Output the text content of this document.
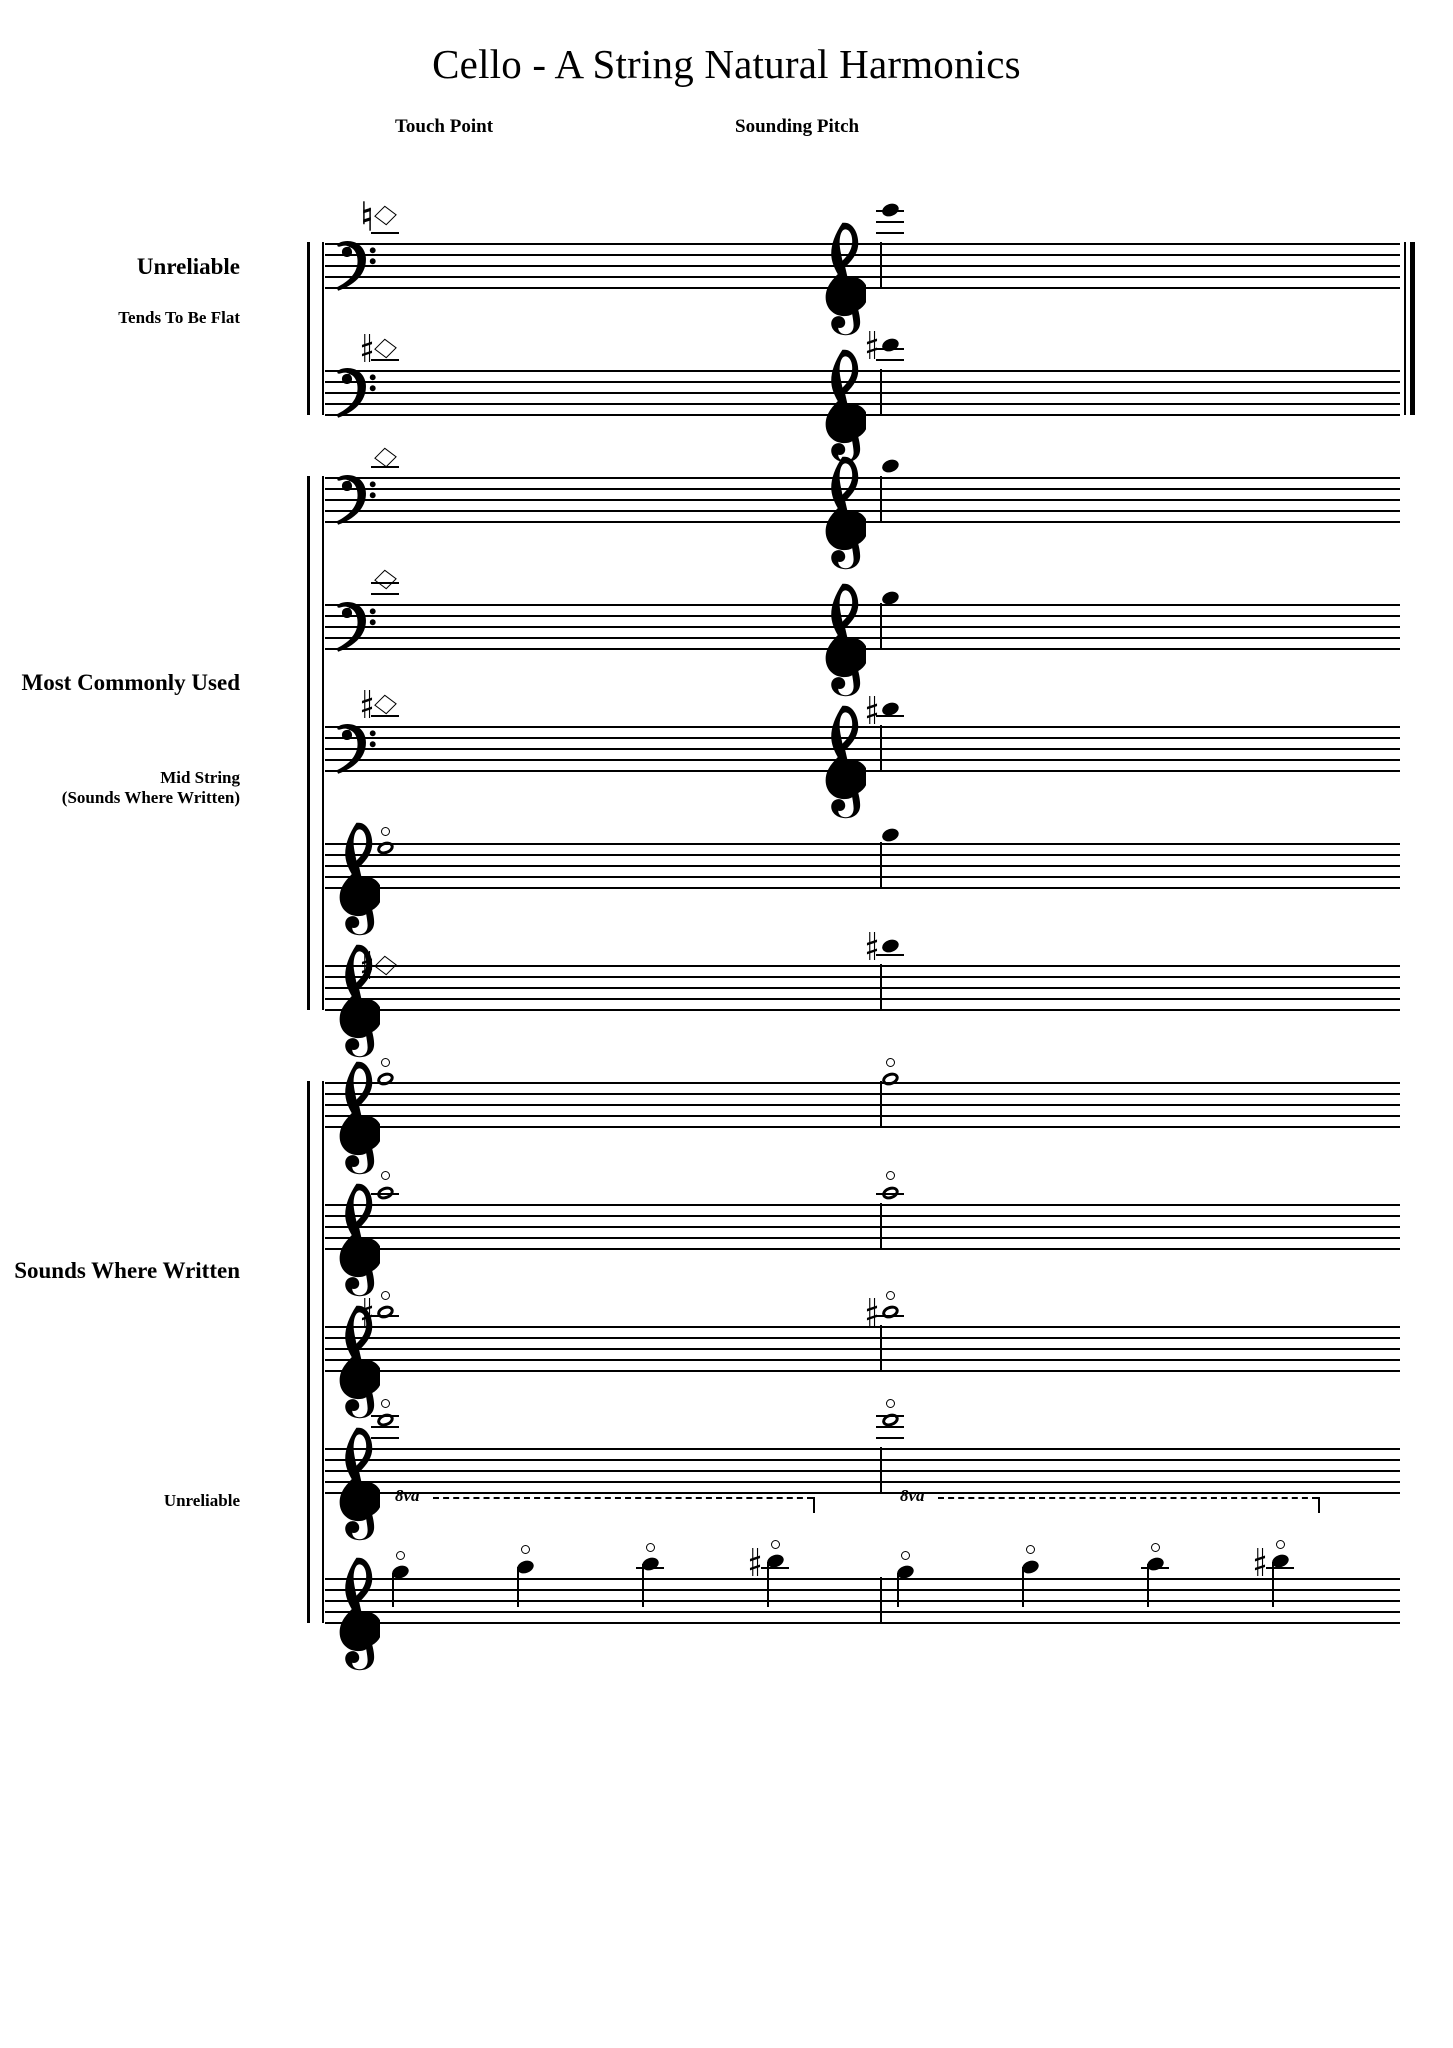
Cello - A String Natural Harmonics
Touch Point	Sounding Pitch
Unreliable
Tends To Be Flat
Most Commonly Used
Mid String
(Sounds Where Written)
Sounds Where Written
Unreliable	8va	8va
